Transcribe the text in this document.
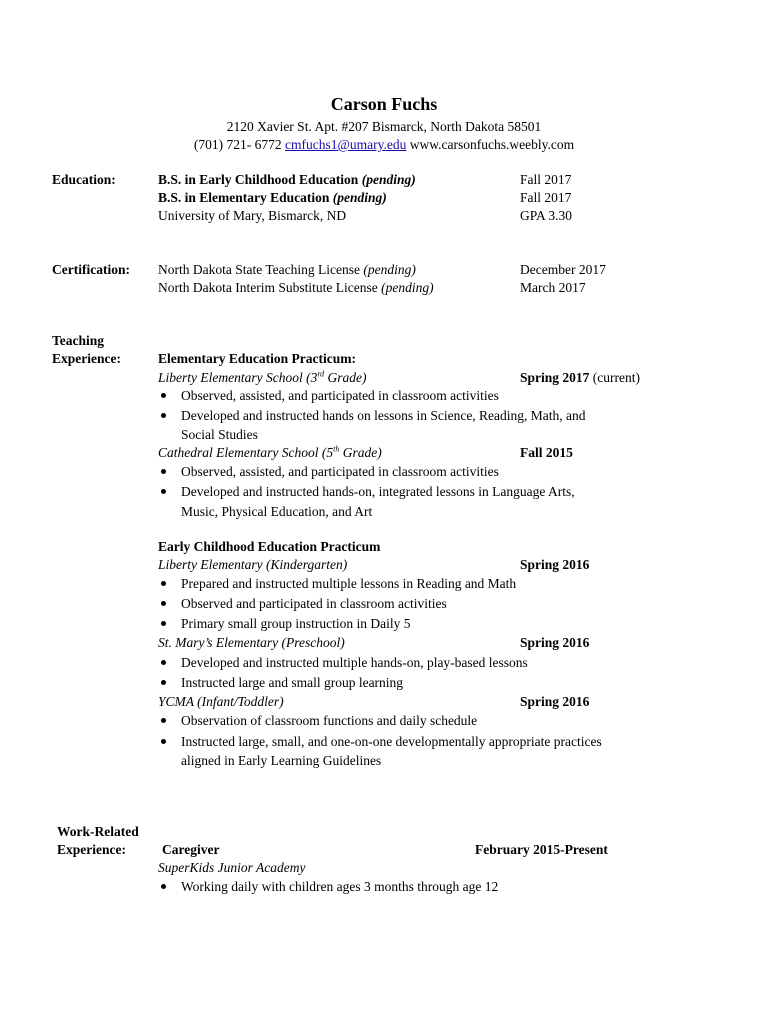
Carson Fuchs
2120 Xavier St. Apt. #207 Bismarck, North Dakota 58501
(701) 721- 6772 cmfuchs1@umary.edu www.carsonfuchs.weebly.com
Education:	B.S. in Early Childhood Education (pending)	Fall 2017
B.S. in Elementary Education (pending)	Fall 2017
University of Mary, Bismarck, ND	GPA 3.30
Certification: North Dakota State Teaching License (pending)	December 2017
North Dakota Interim Substitute License (pending)	March 2017
Teaching
Experience:	Elementary Education Practicum:
Liberty Elementary School (3rd Grade)	Spring 2017 (current)
Observed, assisted, and participated in classroom activities
Developed and instructed hands on lessons in Science, Reading, Math, and
Social Studies
Cathedral Elementary School (5th Grade)	Fall 2015
Observed, assisted, and participated in classroom activities
Developed and instructed hands-on, integrated lessons in Language Arts,
Music, Physical Education, and Art
Early Childhood Education Practicum
Liberty Elementary (Kindergarten)	Spring 2016
Prepared and instructed multiple lessons in Reading and Math
Observed and participated in classroom activities
Primary small group instruction in Daily 5
St. Mary’s Elementary (Preschool)	Spring 2016
Developed and instructed multiple hands-on, play-based lessons
Instructed large and small group learning
YCMA (Infant/Toddler)	Spring 2016
Observation of classroom functions and daily schedule
Instructed large, small, and one-on-one developmentally appropriate practices
aligned in Early Learning Guidelines
Work-Related
Experience:	Caregiver	February 2015-Present
SuperKids Junior Academy
Working daily with children ages 3 months through age 12
